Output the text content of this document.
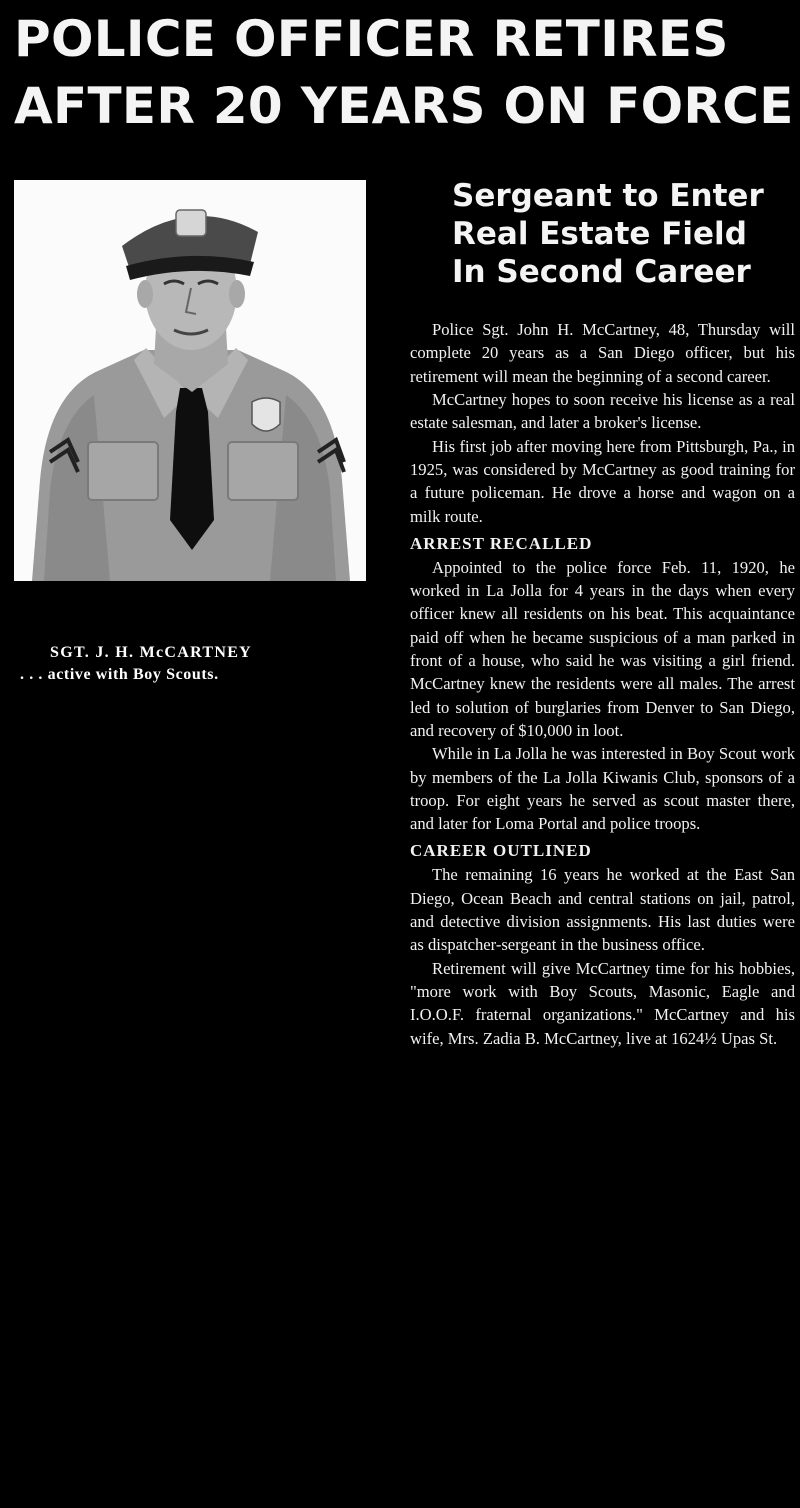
POLICE OFFICER RETIRES
AFTER 20 YEARS ON FORCE
SGT. J. H. McCARTNEY
. . . active with Boy Scouts.
Sergeant to Enter
Real Estate Field
In Second Career

Police Sgt. John H. McCartney, 48, Thursday will complete 20 years as a San Diego officer, but his retirement will mean the beginning of a second career.

McCartney hopes to soon receive his license as a real estate salesman, and later a broker's license.

His first job after moving here from Pittsburgh, Pa., in 1925, was considered by McCartney as good training for a future policeman. He drove a horse and wagon on a milk route.

ARREST RECALLED

Appointed to the police force Feb. 11, 1920, he worked in La Jolla for 4 years in the days when every officer knew all residents on his beat. This acquaintance paid off when he became suspicious of a man parked in front of a house, who said he was visiting a girl friend. McCartney knew the residents were all males. The arrest led to solution of burglaries from Denver to San Diego, and recovery of $10,000 in loot.

While in La Jolla he was interested in Boy Scout work by members of the La Jolla Kiwanis Club, sponsors of a troop. For eight years he served as scout master there, and later for Loma Portal and police troops.

CAREER OUTLINED

The remaining 16 years he worked at the East San Diego, Ocean Beach and central stations on jail, patrol, and detective division assignments. His last duties were as dispatcher-sergeant in the business office.

Retirement will give McCartney time for his hobbies, "more work with Boy Scouts, Masonic, Eagle and I.O.O.F. fraternal organizations." McCartney and his wife, Mrs. Zadia B. McCartney, live at 1624½ Upas St.
